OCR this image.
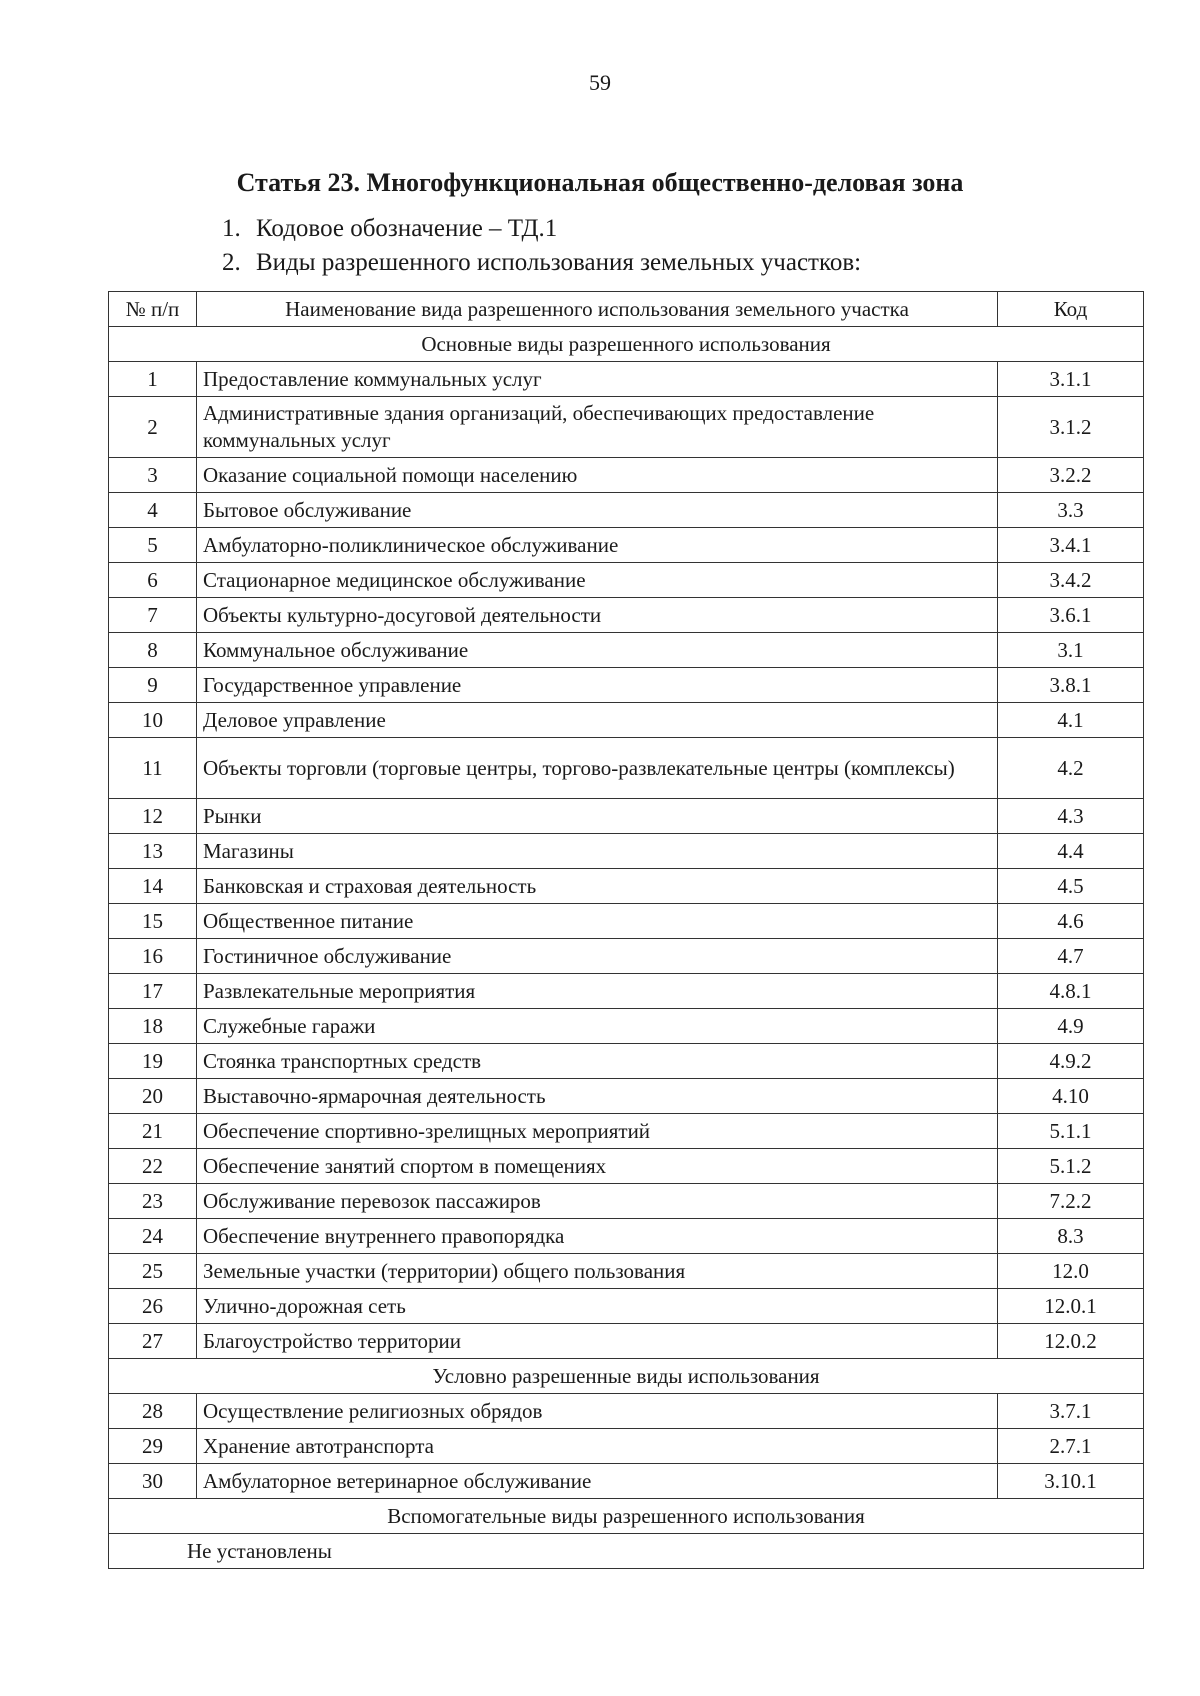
59
Статья 23. Многофункциональная общественно-деловая зона
1. Кодовое обозначение – ТД.1
2. Виды разрешенного использования земельных участков:
№ п/п	Наименование вида разрешенного использования земельного участка	Код
Основные виды разрешенного использования		
1	Предоставление коммунальных услуг	3.1.1
2	Административные здания организаций, обеспечивающих предоставление коммунальных услуг	3.1.2
3	Оказание социальной помощи населению	3.2.2
4	Бытовое обслуживание	3.3
5	Амбулаторно-поликлиническое обслуживание	3.4.1
6	Стационарное медицинское обслуживание	3.4.2
7	Объекты культурно-досуговой деятельности	3.6.1
8	Коммунальное обслуживание	3.1
9	Государственное управление	3.8.1
10	Деловое управление	4.1
11	Объекты торговли (торговые центры, торгово-развлекательные центры (комплексы)	4.2
12	Рынки	4.3
13	Магазины	4.4
14	Банковская и страховая деятельность	4.5
15	Общественное питание	4.6
16	Гостиничное обслуживание	4.7
17	Развлекательные мероприятия	4.8.1
18	Служебные гаражи	4.9
19	Стоянка транспортных средств	4.9.2
20	Выставочно-ярмарочная деятельность	4.10
21	Обеспечение спортивно-зрелищных мероприятий	5.1.1
22	Обеспечение занятий спортом в помещениях	5.1.2
23	Обслуживание перевозок пассажиров	7.2.2
24	Обеспечение внутреннего правопорядка	8.3
25	Земельные участки (территории) общего пользования	12.0
26	Улично-дорожная сеть	12.0.1
27	Благоустройство территории	12.0.2
Условно разрешенные виды использования		
28	Осуществление религиозных обрядов	3.7.1
29	Хранение автотранспорта	2.7.1
30	Амбулаторное ветеринарное обслуживание	3.10.1
Вспомогательные виды разрешенного использования		
Не установлены		
